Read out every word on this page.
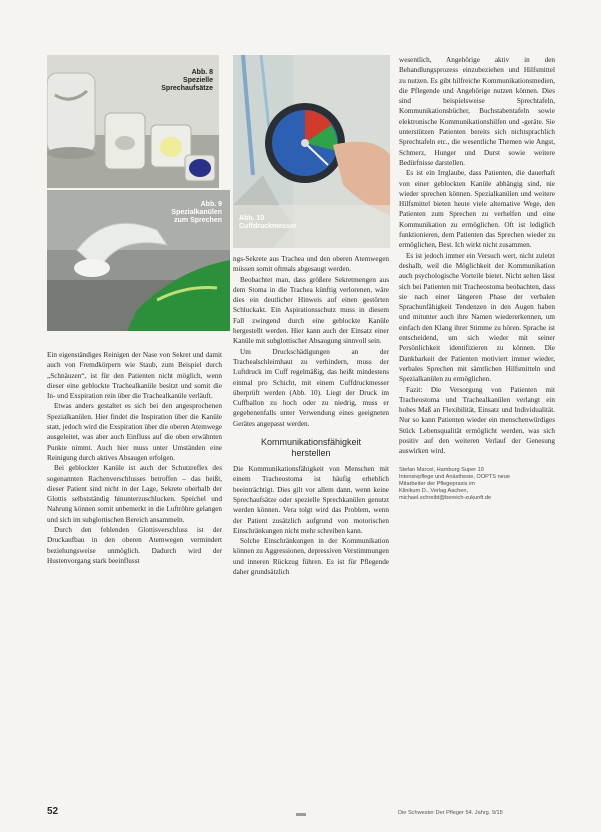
Abb. 8
Spezielle
Sprechaufsätze
Abb. 10
Cuffdruckmesser
Abb. 9
Spezialkanülen
zum Sprechen

Ein eigenständiges Reinigen der Nase von Sekret und damit auch von Fremdkörpern wie Staub, zum Beispiel durch „Schnäuzen“, ist für den Patienten nicht möglich, wenn dieser eine geblockte Trachealkanüle besitzt und somit die In- und Exspiration rein über die Trachealkanüle verläuft.

Etwas anders gestaltet es sich bei den angesprochenen Spezialkanülen. Hier findet die Inspiration über die Kanüle statt, jedoch wird die Exspiration über die oberen Atemwege ausgeleitet, was aber auch Einfluss auf die oben erwähnten Punkte nimmt. Auch hier muss unter Umständen eine Reinigung durch aktives Absaugen erfolgen.

Bei geblockter Kanüle ist auch der Schutzreflex des sogenannten Rachenverschlusses betroffen – das heißt, dieser Patient sind nicht in der Lage, Sekrete oberhalb der Glottis selbstständig hinunterzuschlucken. Speichel und Nahrung können somit unbemerkt in die Luftröhre gelangen und sich im subglottischen Bereich ansammeln.

Durch den fehlenden Glottisverschluss ist der Druckaufbau in den oberen Atemwegen vermindert beziehungsweise unmöglich. Dadurch wird der Hustenvorgang stark beeinflusst

ngs-Sekrete aus Trachea und den oberen Atemwegen müssen somit oftmals abgesaugt werden.

Beobachtet man, dass größere Sekretmengen aus dem Stoma in die Trachea künftig verlorenen, wäre dies ein deutlicher Hinweis auf einen gestörten Schluckakt. Ein Aspirationsschutz muss in diesem Fall zwingend durch eine geblockte Kanüle hergestellt werden. Hier kann auch der Einsatz einer Kanüle mit subglottischer Absaugung sinnvoll sein.

Um Druckschädigungen an der Trachealschleimhaut zu verhindern, muss der Luftdruck im Cuff regelmäßig, das heißt mindestens einmal pro Schicht, mit einem Cuffdruckmesser überprüft werden (Abb. 10). Liegt der Druck im Cuffballon zu hoch oder zu niedrig, muss er gegebenenfalls unter Verwendung eines geeigneten Gerätes angepasst werden.

Kommunikationsfähigkeit
herstellen

Die Kommunikationsfähigkeit von Menschen mit einem Tracheostoma ist häufig erheblich beeinträchtigt. Dies gilt vor allem dann, wenn keine Sprechaufsätze oder spezielle Sprechkanülen genutzt werden können. Vera tolgt wird das Problem, wenn der Patient zusätzlich aufgrund von motorischen Einschränkungen nicht mehr schreiben kann.

Solche Einschränkungen in der Kommunikation können zu Aggressionen, depressiven Verstimmungen und inneren Rückzug führen. Es ist für Pflegende daher grundsätzlich

wesentlich, Angehörige aktiv in den Behandlungsprozess einzubeziehen und Hilfsmittel zu nutzen. Es gibt hilfreiche Kommunikationsmedien, die Pflegende und Angehörige nutzen können. Dies sind beispielsweise Sprechtafeln, Kommunikationsbücher, Buchstabentafeln sowie elektronische Kommunikationshilfen und -geräte. Sie unterstützen Patienten bereits sich nichtsprachlich Sprechtafeln etc., die wesentliche Themen wie Angst, Schmerz, Hunger und Durst sowie weitere Bedürfnisse darstellen.

Es ist ein Irrglaube, dass Patienten, die dauerhaft von einer geblockten Kanüle abhängig sind, nie wieder sprechen können. Spezialkanülen und weitere Hilfsmittel bieten heute viele alternative Wege, den Patienten zum Sprechen zu verhelfen und eine Kommunikation zu ermöglichen. Oft ist lediglich funktionieren, dem Patienten das Sprechen wieder zu ermöglichen, Best. Ich wirkt nicht zusammen.

Es ist jedoch immer ein Versuch wert, nicht zuletzt deshalb, weil die Möglichkeit der Kommunikation auch psychologische Vorteile bietet. Nicht selten lässt sich bei Patienten mit Tracheostoma beobachten, dass sie nach einer längeren Phase der verbalen Sprachunfähigkeit Tendenzen in den Augen haben und mitunter auch ihre Namen wiedererkennen, um einfach den Klang ihrer Stimme zu hören. Sprache ist entscheidend, um sich wieder mit seiner Persönlichkeit identifizieren zu können. Die Dankbarkeit der Patienten motiviert immer wieder, verbales Sprechen mit sämtlichen Hilfsmitteln und Spezialkanülen zu ermöglichen.

Fazit: Die Versorgung von Patienten mit Tracheostoma und Trachealkanülen verlangt ein hohes Maß an Flexibilität, Einsatz und Individualität. Nur so kann Patienten wieder ein menschenwürdiges Stück Lebensqualität ermöglicht werden, was sich positiv auf den weiteren Verlauf der Genesung auswirken wird.

Stefan Marcel, Hamburg Super 10
Intensivpflege und Anästhesie, OOPTS neue
Mitarbeiter der Pflegepraxis im
Klinikum D., Verlag Aachen,
michael.schreibt@bereich-zukunft.de
52	Die Schwester Der Pfleger 54. Jahrg. 9/15
